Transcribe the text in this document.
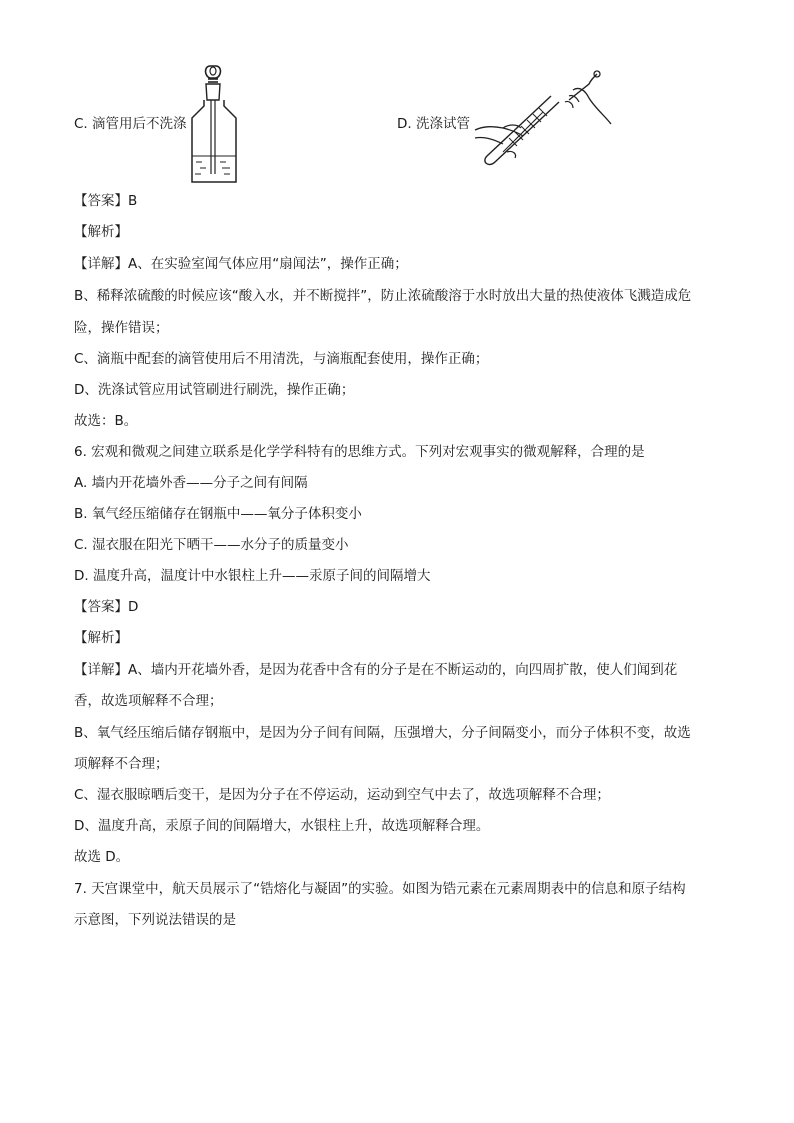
C. 滴管用后不洗涤	D. 洗涤试管
【答案】B
【解析】
【详解】A、在实验室闻气体应用“扇闻法”，操作正确；
B、稀释浓硫酸的时候应该“酸入水，并不断搅拌”，防止浓硫酸溶于水时放出大量的热使液体飞溅造成危
险，操作错误；
C、滴瓶中配套的滴管使用后不用清洗，与滴瓶配套使用，操作正确；
D、洗涤试管应用试管刷进行刷洗，操作正确；
故选：B。
6. 宏观和微观之间建立联系是化学学科特有的思维方式。下列对宏观事实的微观解释，合理的是
A. 墙内开花墙外香——分子之间有间隔
B. 氧气经压缩储存在钢瓶中——氧分子体积变小
C. 湿衣服在阳光下晒干——水分子的质量变小
D. 温度升高，温度计中水银柱上升——汞原子间的间隔增大
【答案】D
【解析】
【详解】A、墙内开花墙外香，是因为花香中含有的分子是在不断运动的，向四周扩散，使人们闻到花
香，故选项解释不合理；
B、氧气经压缩后储存钢瓶中，是因为分子间有间隔，压强增大，分子间隔变小，而分子体积不变，故选
项解释不合理；
C、湿衣服晾晒后变干，是因为分子在不停运动，运动到空气中去了，故选项解释不合理；
D、温度升高，汞原子间的间隔增大，水银柱上升，故选项解释合理。
故选 D。
7. 天宫课堂中，航天员展示了“锆熔化与凝固”的实验。如图为锆元素在元素周期表中的信息和原子结构
示意图，下列说法错误的是
